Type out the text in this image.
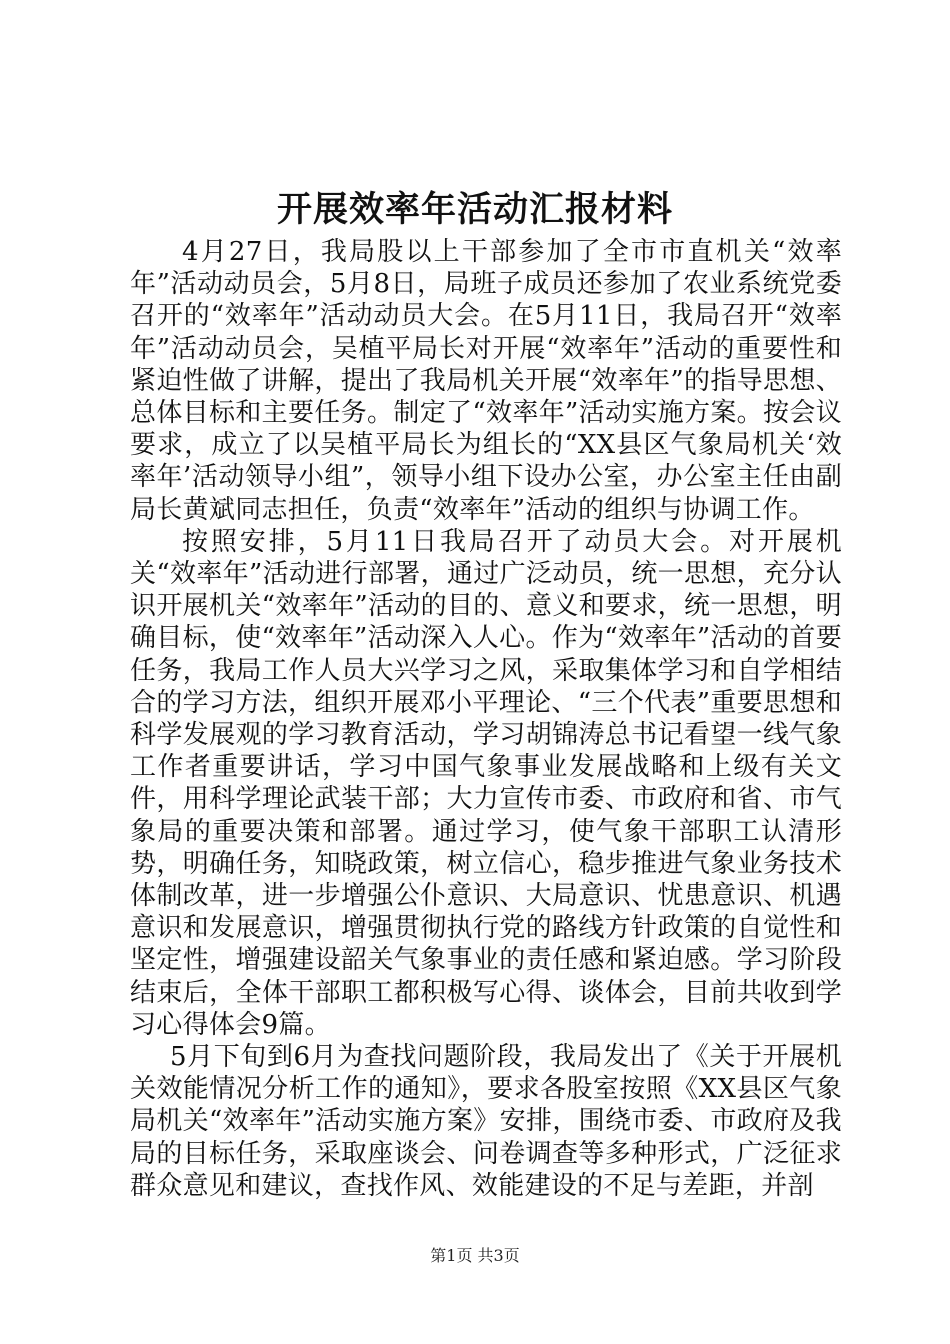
开展效率年活动汇报材料

4月27日，我局股以上干部参加了全市市直机关“效率年”活动动员会，5月8日，局班子成员还参加了农业系统党委召开的“效率年”活动动员大会。在5月11日，我局召开“效率年”活动动员会，吴植平局长对开展“效率年”活动的重要性和紧迫性做了讲解，提出了我局机关开展“效率年”的指导思想、总体目标和主要任务。制定了“效率年”活动实施方案。按会议要求，成立了以吴植平局长为组长的“XX县区气象局机关‘效率年’活动领导小组”，领导小组下设办公室，办公室主任由副局长黄斌同志担任，负责“效率年”活动的组织与协调工作。

按照安排，5月11日我局召开了动员大会。对开展机关“效率年”活动进行部署，通过广泛动员，统一思想，充分认识开展机关“效率年”活动的目的、意义和要求，统一思想，明确目标，使“效率年”活动深入人心。作为“效率年”活动的首要任务，我局工作人员大兴学习之风，采取集体学习和自学相结合的学习方法，组织开展邓小平理论、“三个代表”重要思想和科学发展观的学习教育活动，学习胡锦涛总书记看望一线气象工作者重要讲话，学习中国气象事业发展战略和上级有关文件，用科学理论武装干部；大力宣传市委、市政府和省、市气象局的重要决策和部署。通过学习，使气象干部职工认清形势，明确任务，知晓政策，树立信心，稳步推进气象业务技术体制改革，进一步增强公仆意识、大局意识、忧患意识、机遇意识和发展意识，增强贯彻执行党的路线方针政策的自觉性和坚定性，增强建设韶关气象事业的责任感和紧迫感。学习阶段结束后，全体干部职工都积极写心得、谈体会，目前共收到学习心得体会9篇。

5月下旬到6月为查找问题阶段，我局发出了《关于开展机关效能情况分析工作的通知》，要求各股室按照《XX县区气象局机关“效率年”活动实施方案》安排，围绕市委、市政府及我局的目标任务，采取座谈会、问卷调查等多种形式，广泛征求群众意见和建议，查找作风、效能建设的不足与差距，并剖

第1页 共3页
